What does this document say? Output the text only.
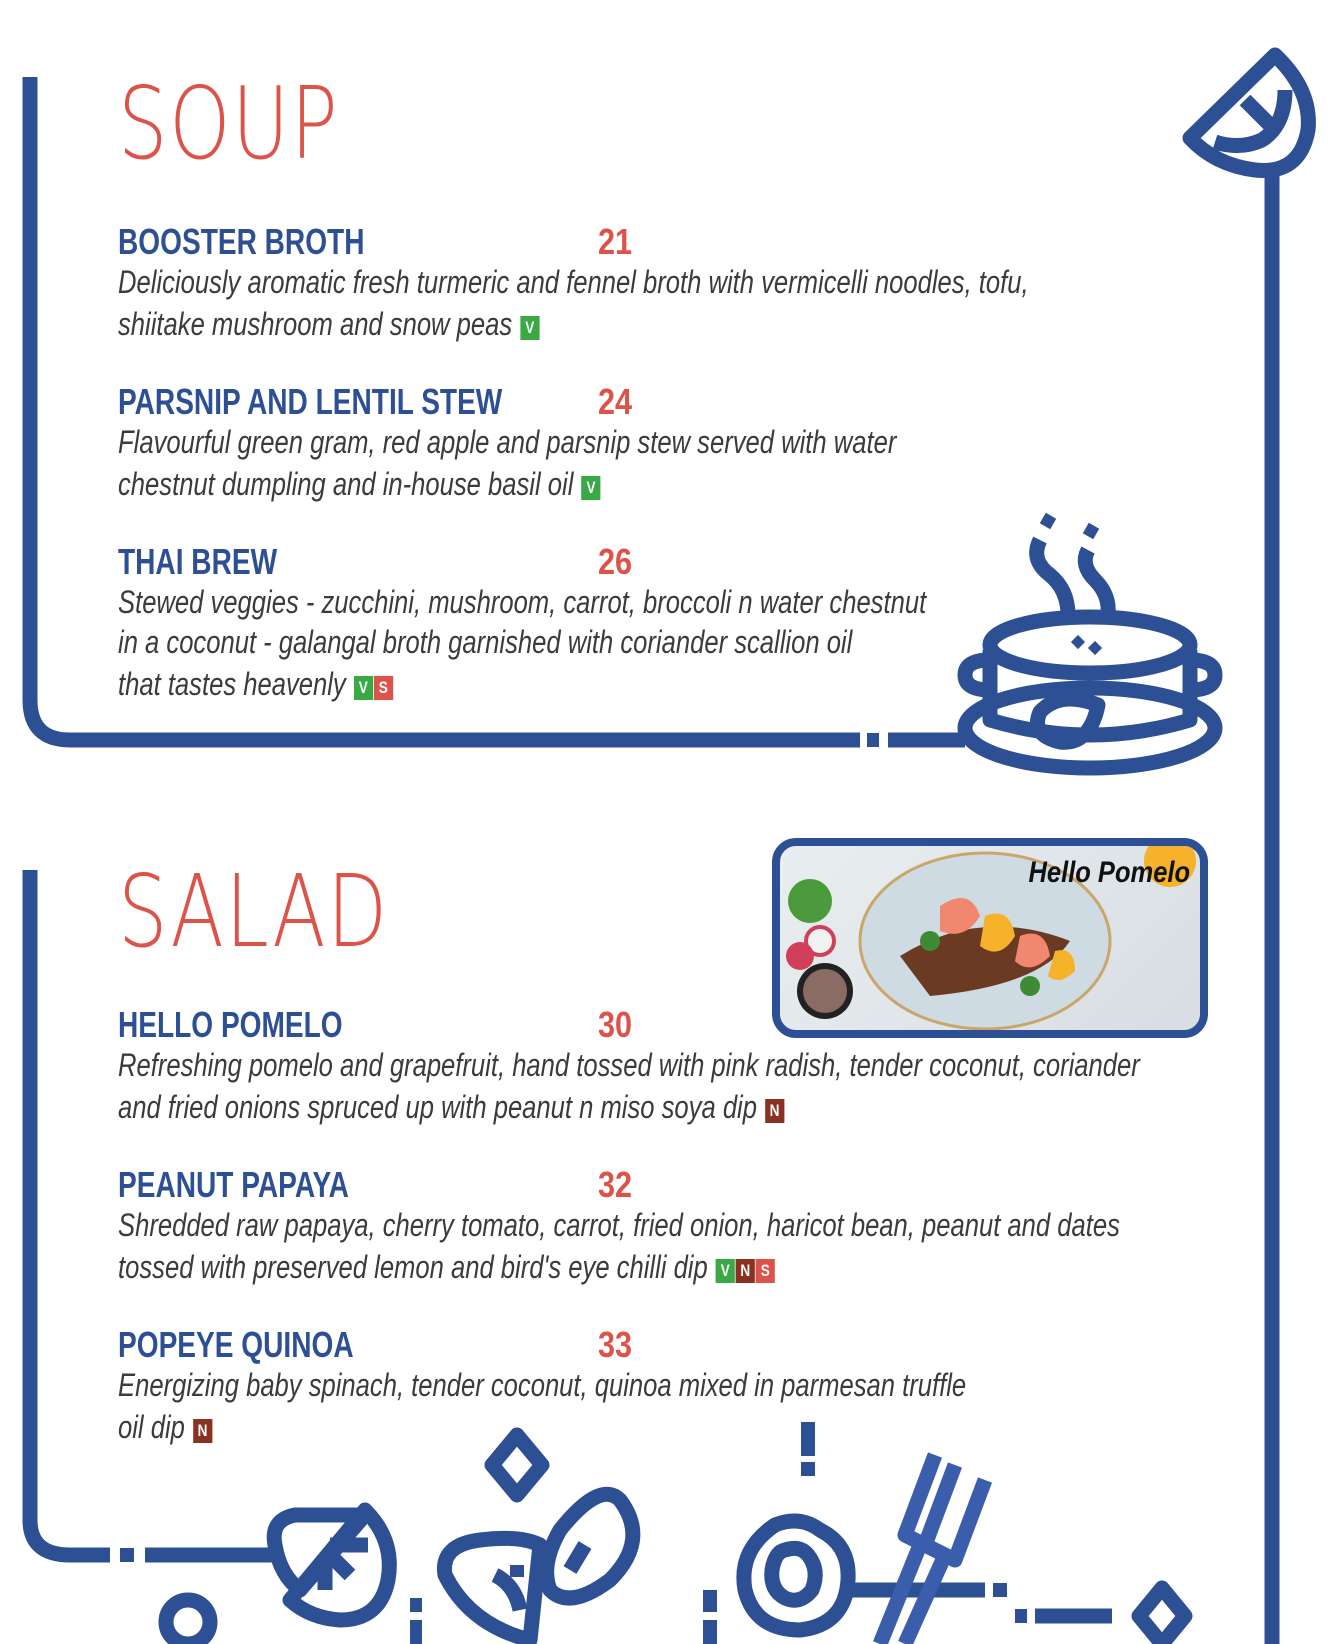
SOUP
BOOSTER BROTH	21
Deliciously aromatic fresh turmeric and fennel broth with vermicelli noodles, tofu,
shiitake mushroom and snow peas V
PARSNIP AND LENTIL STEW	24
Flavourful green gram, red apple and parsnip stew served with water
chestnut dumpling and in-house basil oil V
THAI BREW	26
Stewed veggies - zucchini, mushroom, carrot, broccoli n water chestnut
in a coconut - galangal broth garnished with coriander scallion oil
that tastes heavenly V S
SALAD	Hello Pomelo
HELLO POMELO	30
Refreshing pomelo and grapefruit, hand tossed with pink radish, tender coconut, coriander
and fried onions spruced up with peanut n miso soya dip N
PEANUT PAPAYA	32
Shredded raw papaya, cherry tomato, carrot, fried onion, haricot bean, peanut and dates
tossed with preserved lemon and bird's eye chilli dip V N S
POPEYE QUINOA	33
Energizing baby spinach, tender coconut, quinoa mixed in parmesan truffle
oil dip N
